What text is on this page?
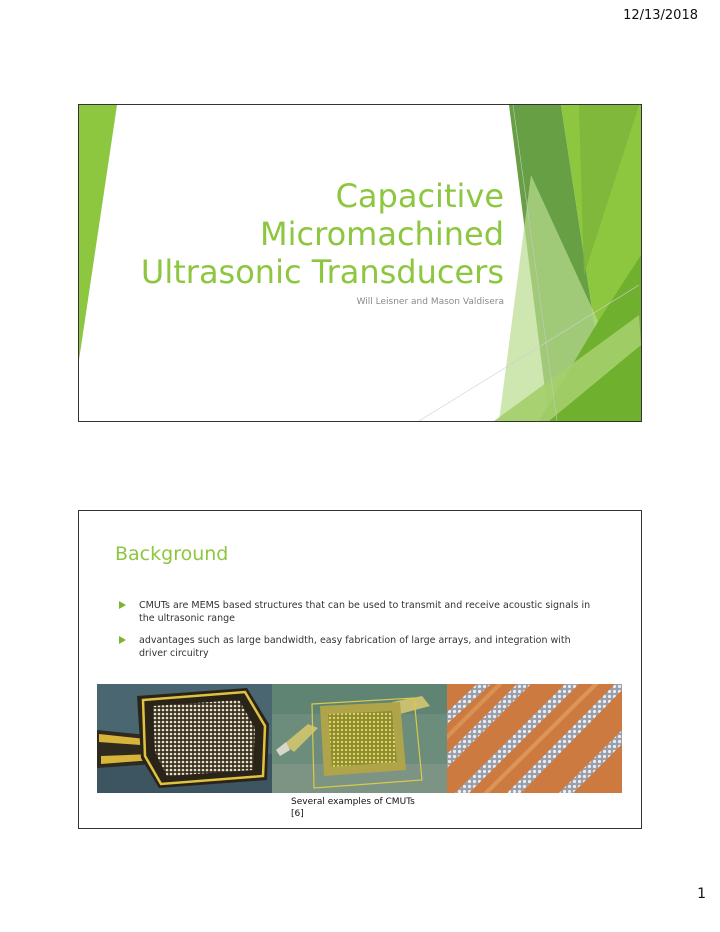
12/13/2018
Capacitive
Micromachined
Ultrasonic Transducers
Will Leisner and Mason Valdisera
Background
CMUTs are MEMS based structures that can be used to transmit and receive acoustic signals in the ultrasonic range
advantages such as large bandwidth, easy fabrication of large arrays, and integration with driver circuitry
Several examples of CMUTs
[6]
1
